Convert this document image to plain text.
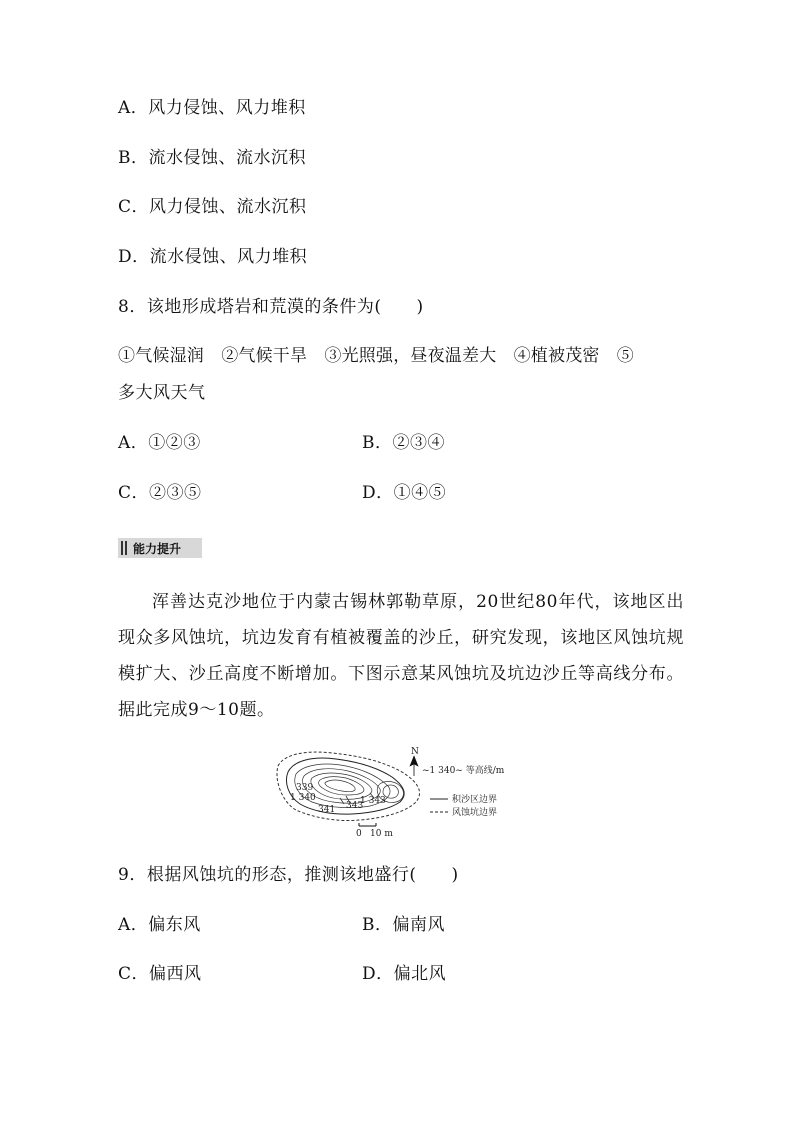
A．风力侵蚀、风力堆积
B．流水侵蚀、流水沉积
C．风力侵蚀、流水沉积
D．流水侵蚀、风力堆积
8．该地形成塔岩和荒漠的条件为(　　)
①气候湿润　②气候干旱　③光照强，昼夜温差大　④植被茂密　⑤
多大风天气
A．①②③	B．②③④
C．②③⑤	D．①④⑤
能力提升
浑善达克沙地位于内蒙古锡林郭勒草原，20世纪80年代，该地区出现众多风蚀坑，坑边发育有植被覆盖的沙丘，研究发现，该地区风蚀坑规模扩大、沙丘高度不断增加。下图示意某风蚀坑及坑边沙丘等高线分布。据此完成9～10题。
339
1 340
341 343
1 343
N
~1 340~ 等高线/m
积沙区边界
风蚀坑边界
0 10 m
9．根据风蚀坑的形态，推测该地盛行(　　)
A．偏东风	B．偏南风
C．偏西风	D．偏北风
